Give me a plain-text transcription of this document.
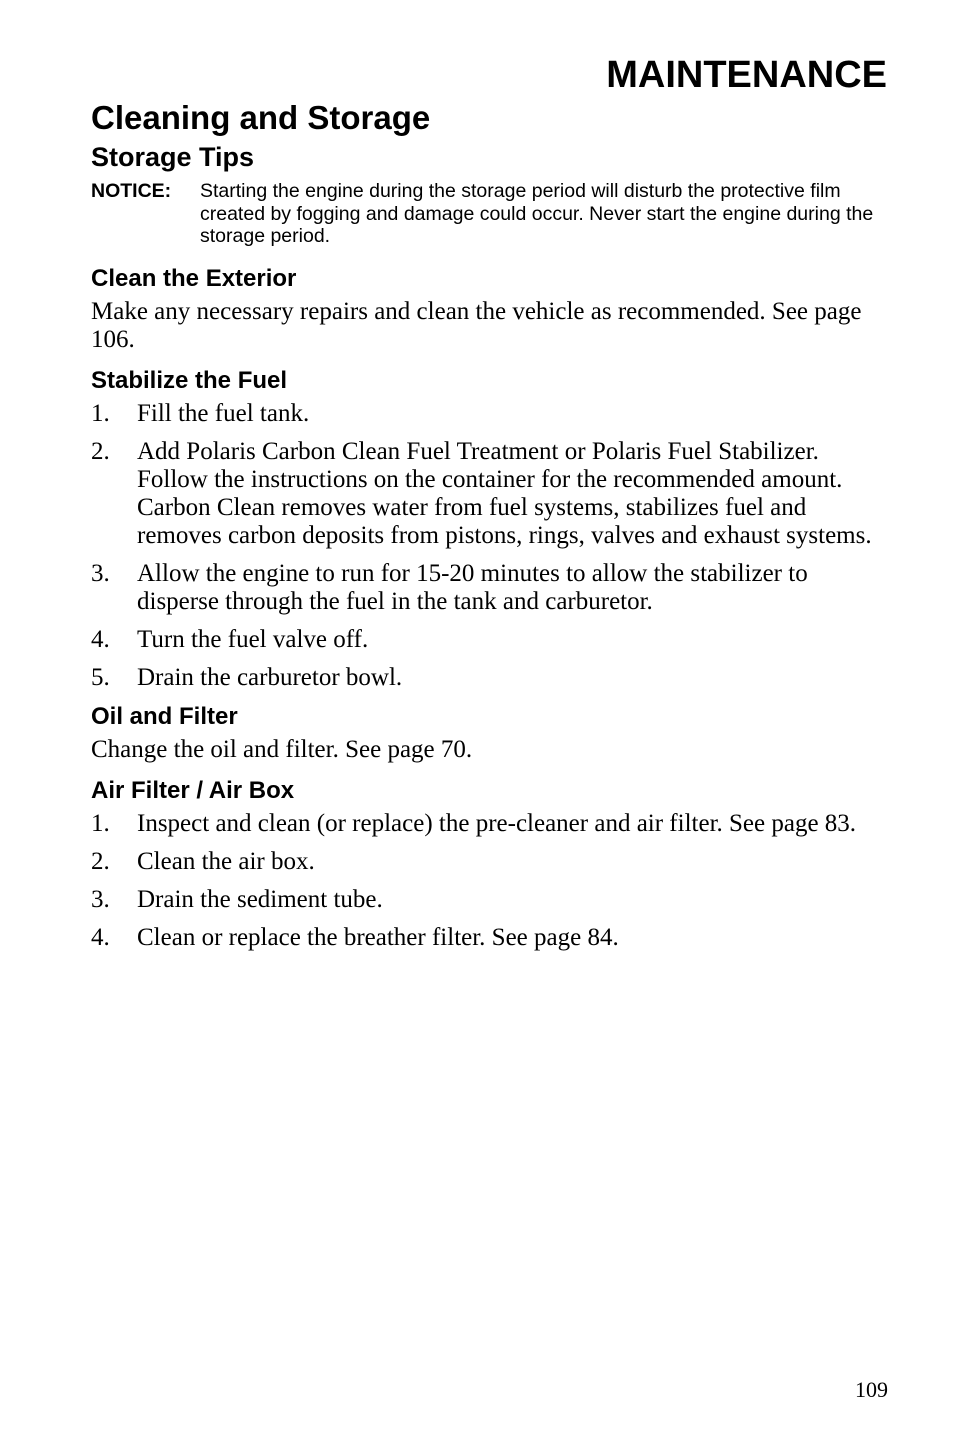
MAINTENANCE
Cleaning and Storage
Storage Tips
NOTICE:	Starting the engine during the storage period will disturb the protective film created by fogging and damage could occur. Never start the engine during the storage period.
Clean the Exterior
Make any necessary repairs and clean the vehicle as recommended. See page 106.
Stabilize the Fuel
1.	Fill the fuel tank.
2.	Add Polaris Carbon Clean Fuel Treatment or Polaris Fuel Stabilizer. Follow the instructions on the container for the recommended amount. Carbon Clean removes water from fuel systems, stabilizes fuel and removes carbon deposits from pistons, rings, valves and exhaust systems.
3.	Allow the engine to run for 15-20 minutes to allow the stabilizer to disperse through the fuel in the tank and carburetor.
4.	Turn the fuel valve off.
5.	Drain the carburetor bowl.
Oil and Filter
Change the oil and filter. See page 70.
Air Filter / Air Box
1.	Inspect and clean (or replace) the pre-cleaner and air filter. See page 83.
2.	Clean the air box.
3.	Drain the sediment tube.
4.	Clean or replace the breather filter. See page 84.
109
